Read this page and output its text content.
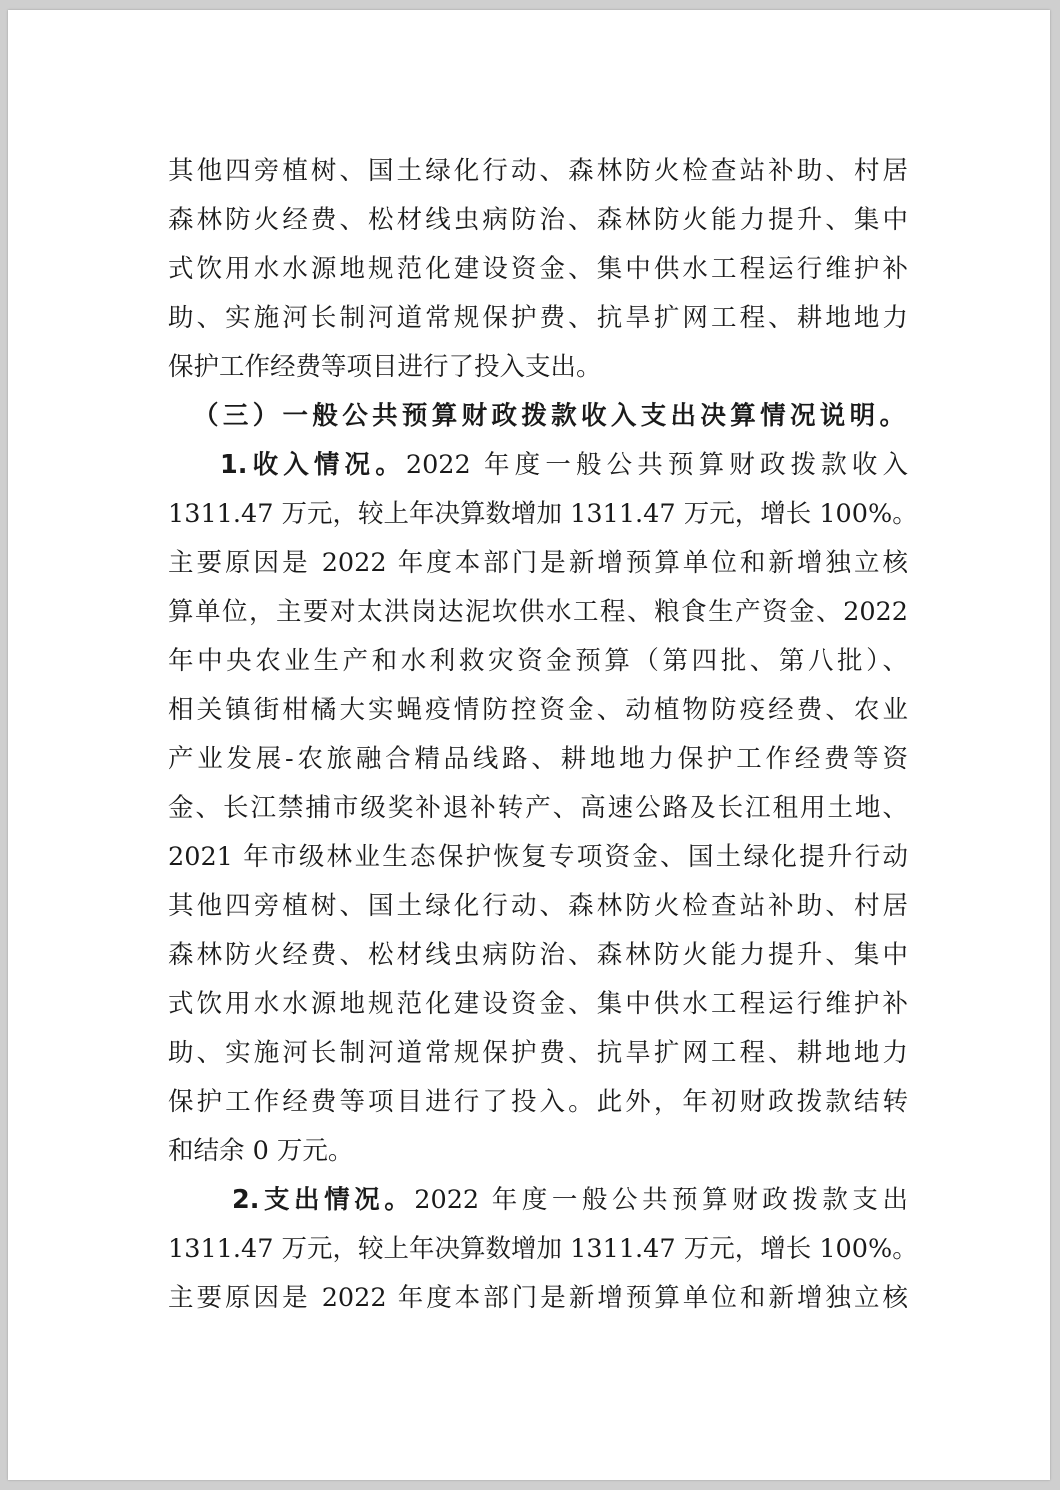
其他四旁植树、国土绿化行动、森林防火检查站补助、村居
森林防火经费、松材线虫病防治、森林防火能力提升、集中
式饮用水水源地规范化建设资金、集中供水工程运行维护补
助、实施河长制河道常规保护费、抗旱扩网工程、耕地地力
保护工作经费等项目进行了投入支出。
（三）一般公共预算财政拨款收入支出决算情况说明。
1.收入情况。2022 年度一般公共预算财政拨款收入
1311.47 万元，较上年决算数增加 1311.47 万元，增长 100%。
主要原因是 2022 年度本部门是新增预算单位和新增独立核
算单位，主要对太洪岗达泥坎供水工程、粮食生产资金、2022
年中央农业生产和水利救灾资金预算（第四批、第八批）、
相关镇街柑橘大实蝇疫情防控资金、动植物防疫经费、农业
产业发展-农旅融合精品线路、耕地地力保护工作经费等资
金、长江禁捕市级奖补退补转产、高速公路及长江租用土地、
2021 年市级林业生态保护恢复专项资金、国土绿化提升行动
其他四旁植树、国土绿化行动、森林防火检查站补助、村居
森林防火经费、松材线虫病防治、森林防火能力提升、集中
式饮用水水源地规范化建设资金、集中供水工程运行维护补
助、实施河长制河道常规保护费、抗旱扩网工程、耕地地力
保护工作经费等项目进行了投入。此外，年初财政拨款结转
和结余 0 万元。
2.支出情况。2022 年度一般公共预算财政拨款支出
1311.47 万元，较上年决算数增加 1311.47 万元，增长 100%。
主要原因是 2022 年度本部门是新增预算单位和新增独立核
